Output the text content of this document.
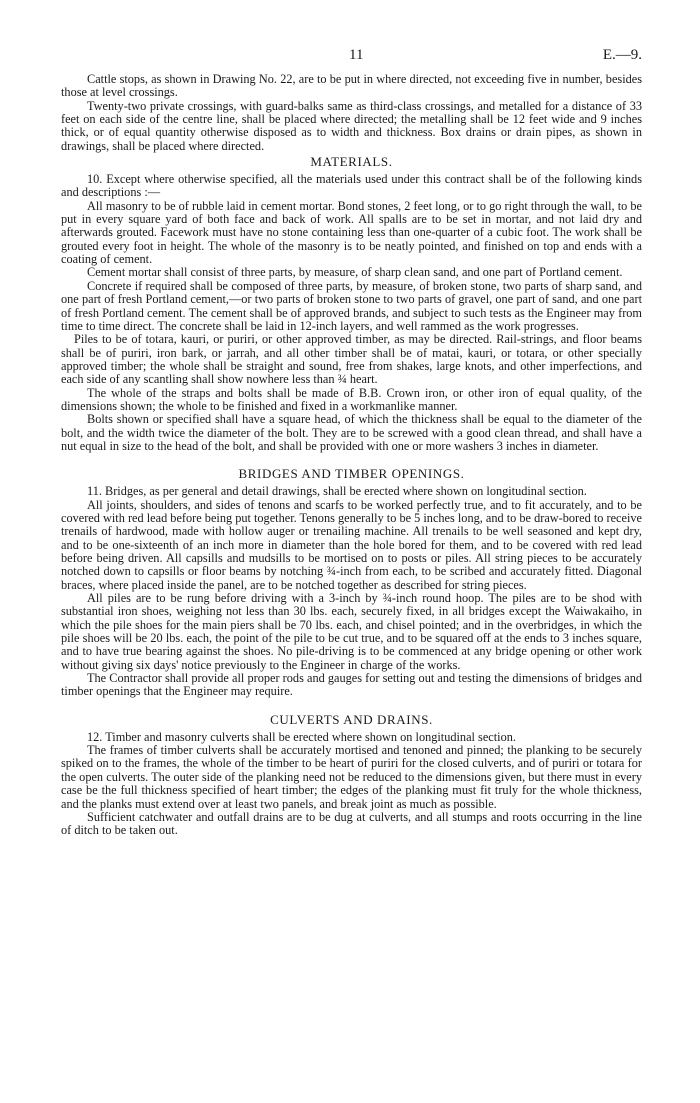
11	E.—9.

Cattle stops, as shown in Drawing No. 22, are to be put in where directed, not exceeding five in number, besides those at level crossings.

Twenty-two private crossings, with guard-balks same as third-class crossings, and metalled for a distance of 33 feet on each side of the centre line, shall be placed where directed; the metalling shall be 12 feet wide and 9 inches thick, or of equal quantity otherwise disposed as to width and thickness. Box drains or drain pipes, as shown in drawings, shall be placed where directed.

MATERIALS.

10. Except where otherwise specified, all the materials used under this contract shall be of the following kinds and descriptions :—

All masonry to be of rubble laid in cement mortar. Bond stones, 2 feet long, or to go right through the wall, to be put in every square yard of both face and back of work. All spalls are to be set in mortar, and not laid dry and afterwards grouted. Facework must have no stone containing less than one-quarter of a cubic foot. The work shall be grouted every foot in height. The whole of the masonry is to be neatly pointed, and finished on top and ends with a coating of cement.

Cement mortar shall consist of three parts, by measure, of sharp clean sand, and one part of Portland cement.

Concrete if required shall be composed of three parts, by measure, of broken stone, two parts of sharp sand, and one part of fresh Portland cement,—or two parts of broken stone to two parts of gravel, one part of sand, and one part of fresh Portland cement. The cement shall be of approved brands, and subject to such tests as the Engineer may from time to time direct. The concrete shall be laid in 12-inch layers, and well rammed as the work progresses.

Piles to be of totara, kauri, or puriri, or other approved timber, as may be directed. Rail-strings, and floor beams shall be of puriri, iron bark, or jarrah, and all other timber shall be of matai, kauri, or totara, or other specially approved timber; the whole shall be straight and sound, free from shakes, large knots, and other imperfections, and each side of any scantling shall show nowhere less than ¾ heart.

The whole of the straps and bolts shall be made of B.B. Crown iron, or other iron of equal quality, of the dimensions shown; the whole to be finished and fixed in a workmanlike manner.

Bolts shown or specified shall have a square head, of which the thickness shall be equal to the diameter of the bolt, and the width twice the diameter of the bolt. They are to be screwed with a good clean thread, and shall have a nut equal in size to the head of the bolt, and shall be provided with one or more washers 3 inches in diameter.

BRIDGES AND TIMBER OPENINGS.

11. Bridges, as per general and detail drawings, shall be erected where shown on longitudinal section.

All joints, shoulders, and sides of tenons and scarfs to be worked perfectly true, and to fit accurately, and to be covered with red lead before being put together. Tenons generally to be 5 inches long, and to be draw-bored to receive trenails of hardwood, made with hollow auger or trenailing machine. All trenails to be well seasoned and kept dry, and to be one-sixteenth of an inch more in diameter than the hole bored for them, and to be covered with red lead before being driven. All capsills and mudsills to be mortised on to posts or piles. All string pieces to be accurately notched down to capsills or floor beams by notching ¾-inch from each, to be scribed and accurately fitted. Diagonal braces, where placed inside the panel, are to be notched together as described for string pieces.

All piles are to be rung before driving with a 3-inch by ¾-inch round hoop. The piles are to be shod with substantial iron shoes, weighing not less than 30 lbs. each, securely fixed, in all bridges except the Waiwakaiho, in which the pile shoes for the main piers shall be 70 lbs. each, and chisel pointed; and in the overbridges, in which the pile shoes will be 20 lbs. each, the point of the pile to be cut true, and to be squared off at the ends to 3 inches square, and to have true bearing against the shoes. No pile-driving is to be commenced at any bridge opening or other work without giving six days' notice previously to the Engineer in charge of the works.

The Contractor shall provide all proper rods and gauges for setting out and testing the dimensions of bridges and timber openings that the Engineer may require.

CULVERTS AND DRAINS.

12. Timber and masonry culverts shall be erected where shown on longitudinal section.

The frames of timber culverts shall be accurately mortised and tenoned and pinned; the planking to be securely spiked on to the frames, the whole of the timber to be heart of puriri for the closed culverts, and of puriri or totara for the open culverts. The outer side of the planking need not be reduced to the dimensions given, but there must in every case be the full thickness specified of heart timber; the edges of the planking must fit truly for the whole thickness, and the planks must extend over at least two panels, and break joint as much as possible.

Sufficient catchwater and outfall drains are to be dug at culverts, and all stumps and roots occurring in the line of ditch to be taken out.
